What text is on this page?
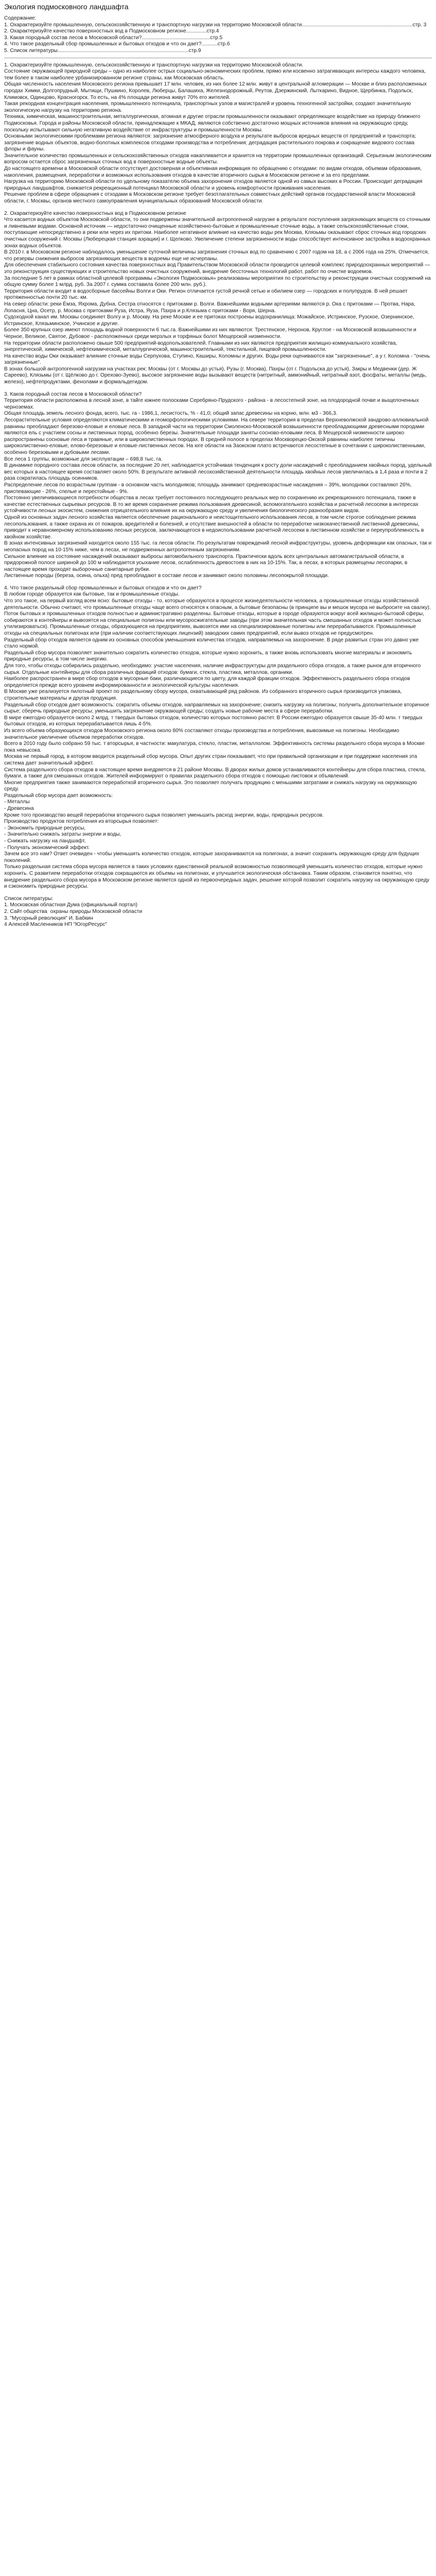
Экология подмосковного ландшафта

Содержание:

1. Охарактеризуйте промышленную, сельскохозяйственную и транспортную нагрузки на территорию Московской области............................................................................стр. 3

2. Охарактеризуйте качество поверхностных вод в Подмосковном регионе..............стр.4

3. Какая породный состав лесов в Московской области?...............................................стр.5

4. Что такое раздельный сбор промышленных и бытовых отходов и что он дает?...........стр.6

5. Список литературы..........................................................................................стр.9

1. Охарактеризуйте промышленную, сельскохозяйственную и транспортную нагрузки на территорию Московской области.

Состояние окружающей природной среды – одно из наиболее острых социально-экономических проблем, прямо или косвенно затрагивающих интересы каждого человека, тем более в таком наиболее урбанизированном регионе страны, как Московская область.

Общая численность населения Московского региона превышает 17 млн. человек, из них более 12 млн. живут в центральной агломерации — Москве и близ расположенных городах Химки, Долгопрудный, Мытищи, Пушкино, Королев, Люберцы, Балашиха, Железнодорожный, Реутов, Дзержинский, Лыткарино, Видное, Щербинка, Подольск, Климовск, Одинцово, Красногорск. То есть, на 4% площади региона живут 70% его жителей.

Такая рекордная концентрация населения, промышленного потенциала, транспортных узлов и магистралей и уровень техногенной застройки, создают значительную экологическую нагрузку на территорию региона.

Техника, химическая, машиностроительная, металлургическая, атомная и другие отрасли промышленности оказывают определяющее воздействие на природу ближнего Подмосковья. Города и районы Московской области, принадлежащие к МКАД, являются собственно достаточно мощных источников влияния на окружающую среду, поскольку испытывают сильную негативную воздействие от инфраструктуры и промышленности Москвы.

Основными экологическими проблемами региона являются: загрязнение атмосферного воздуха и результате выбросов вредных веществ от предприятий и транспорта; загрязнение водных объектов, водно-болотных комплексов отходами производства и потребления; деградация растительного покрова и сокращение видового состава флоры и фауны.

Значительное количество промышленных и сельскохозяйственных отходов накапливается и хранится на территории промышленных организаций. Серьезным экологическим вопросом остается сброс загрязненных сточных вод в поверхностные водные объекты.

До настоящего времени в Московской области отсутствует достоверная и объективная информация по обращению с отходами: по видам отходов, объемам образования, накопления, размещения, переработки и возможных использования отходов в качестве вторичного сырья в Московском регионе и за его пределами.

Нагрузка на территорию Московской области по удельному показателю объема захоронения отходов является одной из самых высоких в России. Происходит деградация природных ландшафтов, снижается рекреационный потенциал Московской области и уровень комфортности проживания населения.

Решение проблем в сфере обращения с отходами в Московском регионе требует безотлагательных совместных действий органов государственной власти Московской области, г. Москвы, органов местного самоуправления муниципальных образований Московской области.

2. Охарактеризуйте качество поверхностных вод в Подмосковном регионе

Что касается водных объектов Московской области, то они подвержены значительной антропогенной нагрузке в результате поступления загрязняющих веществ со сточными и ливневыми водами. Основной источник — недостаточно очищенные хозяйственно-бытовые и промышленные сточные воды, а также сельскохозяйственные стоки, поступающие непосредственно в реки или через их притоки. Наиболее негативное влияние на качество воды рек Москва, Клязьмы оказывают сброс сточных вод городских очистных сооружений г. Москвы (Люберецкая станция аэрации) и г. Щелково. Увеличение степени загрязненности воды способствует интенсивное застройка в водоохранных зонах водных объектов.

В 2010 г. в Московском регионе наблюдалось уменьшение суточной величины загрязнения сточных вод по сравнению с 2007 годом на 18, а с 2006 года на 25%. Отмечается, что резервы снижения выбросов загрязняющих веществ в водоемы еще не исчерпаны.

Для обеспечения стабильного состояния качества поверхностных вод Правительством Московской области проводится целевой комплекс природоохранных мероприятий — это реконструкция существующих и строительство новых очистных сооружений, внедрение бессточных технологий работ, работ по очистке водоемов.

За последние 5 лет в рамках областной целевой программы «Экология Подмосковья» реализованы мероприятия по строительству и реконструкции очистных сооружений на общую сумму более 1 млрд. руб. За 2007 г. сумма составила более 200 млн. руб.).

Территория области входит в водосборные бассейны Волги и Оки. Регион отличается густой речной сетью и обилием озер — городских и полупрудов. В ней решает протяженностью почти 20 тыс. км.

На север области: реки Ёмза, Яхрома, Дубна, Сестра относятся с притоками р. Волги. Важнейшими водными артериями являются р. Ока с притоками — Протва, Нара, Лопасня, Цна, Осетр, р. Москва с притоками Руза, Истра, Яуза, Пахра и р.Клязьма с притоками - Воря, Шерна.

Судоходной канал им. Москвы соединяет Волгу и р. Москву. На реке Москве и ее притоках построены водохранилища: Можайское, Истринское, Рузское, Озернинское, Истринское, Клязьминское, Учинское и другие.

Более 350 крупных озер имеют площадь водной поверхности 6 тыс.га. Важнейшими из них являются: Трестенское, Неронов, Круглое - на Московской возвышенности и Черное, Великое, Святое, Дубовое - расположенных среди мерзлых и торфяных болот Мещерской низменности.

На территории области расположено свыше 500 предприятий-водопользователей. Главными из них являются предприятия жилищно-коммунального хозяйства, энергетической, химической, нефтехимической, металлургической, машиностроительной, текстильной, пищевой промышленности.

На качество воды Оки оказывает влияние сточные воды Серпухова, Ступино, Каширы, Коломны и других. Воды реки оцениваются как "загрязненные", а у г. Коломна - "очень загрязненные".

В зонах большой антропогенной нагрузки на участках рек: Москвы (от г. Москвы до устья), Рузы (г. Москва), Пахры (от г. Подольска до устья), Закры и Медвенки (дер. Ж Сареево), Клязьмы (от г. Щёлково до г. Орехово-Зуево), высокое загрязнение воды вызывают веществ (нитритный, аммонийный, нитратный азот, фосфаты, металлы (медь, железо), нефтепродуктами, фенолами и формальдегидом.

3. Каков породный состав лесов в Московской области?

Территория области расположена в лесной зоне, в тайге южнее полосками Серебряно-Прудского - района - в лесостепной зоне, на плодородной почве и выщелоченных черноземах.

Общая площадь земель лесного фонда, всего, тыс. га - 1986,1, лесистость, % - 41,0; общий запас древесины на корню, млн. м3 - 366,3.

Лесорастительные условия определяются климатическими и геоморфологическими условиями. На севере территория в пределах Верхневолжской зандрово-аллювиальной равнины преобладают березово-еловые и еловые леса. В западной части на территории Смоленско-Московской возвышенности преобладающими древесными породами являются ель с участием сосны и лиственных пород, особенно березы. Значительные площади заняты сосново-еловыми леса. В Мещерской низменности широко распространены сосновые леса и травяные, или в широколиственных породах. В средней полосе в пределах Москворецко-Окской равнины наиболее типичны широколиственно-еловые, елово-березовые и еловые-лиственных лесов. На юге области на Заокском плато встречаются лесостепные в сочетании с широколиственными, особенно березовыми и дубовыми лесами.

Все леса 1 группы, возможные для эксплуатации – 698,8 тыс. га.

В динамике породного состава лесов области, за последние 20 лет, наблюдается устойчивая тенденция к росту доли насаждений с преобладанием хвойных пород, удельный вес которых в настоящее время составляет около 50%. В результате активной лесохозяйственной деятельности площадь хвойных лесов увеличилась в 1,4 раза и почти в 2 раза сократилась площадь осинников.

Распределение лесов по возрастным группам - в основном часть молодняков; площадь занимают средневозрастные насаждения – 39%, молодняки составляют 26%, приспевающие - 26%, спелые и перестойные - 9%.

Постоянно увеличивающиеся потребности общества в лесах требует постоянного последующего реальных мер по сохранению их рекреационного потенциала, также в качестве естественных сырьевых ресурсов. В то же время сохранение режима пользования древесиной, вспомогательного хозяйства и расчетной лесосеки в интересах устойчивости лесных экосистем, снижения отрицательного влияния их на окружающую среду и увеличения биологического разнообразия видов.

Одной из основных задач лесного хозяйства является обеспечение рационального и неистощительного использования лесов, в том числе строгое соблюдение режима лесопользования, а также охрана их от пожаров, вредителей и болезней, и отсутствие внешностей в области по переработке низкокачественной лиственной древесины, приводит к неравномерному использованию лесных ресурсов, заключающегося в недоиспользовании расчетной лесосеки в лиственном хозяйстве и переупроблемность в хвойном хозяйстве.

В зонах интенсивных загрязнений находится около 155 тыс. га лесов области. По результатам повреждений лесной инфраструктуры, уровень деформации как опасных, так и неопасных пород на 10-15% ниже, чем в лесах, не подверженных антропогенным загрязнениям.

Сильное влияние на состояние насаждений оказывают выбросы автомобильного транспорта. Практически вдоль всех центральных автомагистральной области, в придорожной полосе шириной до 100 м наблюдается усыхание лесов, ослабленность древостоев в них на 10-15%. Так, в лесах, в которых размещены лесопарки, в настоящее время проходят выборочные санитарные рубки.

Лиственные породы (береза, осина, ольха) пред преобладают в составе лесов и занимают около половины лесопокрытой площади.

4. Что такое раздельный сбор промышленных и бытовых отходов и что он дает?

В любом городе образуется как бытовые, так и промышленные отходы.

Что это такое, на первый взгляд всем ясно: бытовые отходы - то, которые образуются в процессе жизнедеятельности человека, а промышленные отходы хозяйственной деятельности. Обычно считают, что промышленные отходы чаще всего относятся к опасным, а бытовые безопасны (в принципе вы и мешок мусора не выбросите на свалку). Поток бытовых и промышленных отходов полностью и административно разделены. Бытовые отходы, которые в городе образуются вокруг всей жилищно-бытовой сферы, собираются в контейнеры и вывозятся на специальные полигоны или мусоросжигательные заводы (при этом значительная часть смешанных отходов и может полностью утилизироваться). Промышленные отходы, образующиеся на предприятиях, вывозятся ими на специализированные полигоны или перерабатываются. Промышленные отходы на специальных полигонах или (при наличии соответствующих лицензий) заводских самих предприятий, если вывоз отходов не предусмотрен.

Раздельный сбор отходов является одним из основных способов уменьшения количества отходов, направляемых на захоронение. В ряде развитых стран это давно уже стало нормой.

Раздельный сбор мусора позволяет значительно сократить количество отходов, которые нужно хоронить, а также вновь использовать многие материалы и экономить природные ресурсы, в том числе энергию.

Для того, чтобы отходы собирались раздельно, необходимо: участие населения, наличие инфраструктуры для раздельного сбора отходов, а также рынок для вторичного сырья. Отдельные контейнеры для сбора различных фракций отходов: бумаги, стекла, пластика, металлов, органики.

Наиболее распространен в мире сбор отходов в мусорные баки, различающиеся по цвету, для каждой фракции отходов. Эффективность раздельного сбора отходов определяется прежде всего уровнем информированности и экологической культуры населения.

В Москве уже реализуется пилотный проект по раздельному сбору мусора, охватывающий ряд районов. Из собранного вторичного сырья производится упаковка, строительные материалы и другая продукция.

Раздельный сбор отходов дает возможность: сократить объемы отходов, направляемых на захоронение; снизить нагрузку на полигоны; получить дополнительное вторичное сырье; сберечь природные ресурсы; уменьшить загрязнение окружающей среды; создать новые рабочие места в сфере переработки.

В мире ежегодно образуется около 2 млрд. т твердых бытовых отходов, количество которых постоянно растет. В России ежегодно образуется свыше 35-40 млн. т твердых бытовых отходов, из которых перерабатывается лишь 4-5%.

Из всего объема образующихся отходов Московского региона около 80% составляют отходы производства и потребления, вывозимые на полигоны. Необходимо значительное увеличение объемов переработки отходов.

Всего в 2010 году было собрано 59 тыс. т вторсырья, в частности: макулатура, стекло, пластик, металлолом. Эффективность системы раздельного сбора мусора в Москве пока невысока.

Москва не первый город, в котором вводится раздельный сбор мусора. Опыт других стран показывает, что при правильной организации и при поддержке населения эта система дает значительный эффект.

Система раздельного сбора отходов в настоящее время внедряется в 21 районе Москвы. В дворах жилых домов устанавливаются контейнеры для сбора пластика, стекла, бумаги, а также для смешанных отходов. Жителей информируют о правилах раздельного сбора отходов с помощью листовок и объявлений.

Многие предприятия также занимаются переработкой вторичного сырья. Это позволяет получать продукцию с меньшими затратами и снижать нагрузку на окружающую среду.

Раздельный сбор мусора дает возможность:

- Металлы

- Древесина

Кроме того производство вещей переработки вторичного сырья позволяет уменьшить расход энергии, воды, природных ресурсов.

Производство продуктов потребления из вторсырья позволяет:

- Экономить природные ресурсы,

- Значительно снижать затраты энергии и воды,

- Снижать нагрузку на ландшафт,

- Получать экономический эффект.

Зачем все это нам? Ответ очевиден - чтобы уменьшить количество отходов, которые захораниваются на полигонах, а значит сохранить окружающую среду для будущих поколений.

Только раздельная система сбора мусора является в таких условиях единственной реальной возможностью позволяющей уменьшить количество отходов, которые нужно хоронить. С развитием переработки отходов сокращаются их объемы на полигонах, и улучшается экологическая обстановка. Таким образом, становится понятно, что внедрение раздельного сбора мусора в Московском регионе является одной из первоочередных задач, решение которой позволит сократить нагрузку на окружающую среду и сэкономить природные ресурсы.

Список литературы:

1. Московская областная Дума (официальный портал)

2. Сайт общества  охраны природы Московской области

3. "Мусорный революция" И. Бабкин

4 Алексей Масленников НП "ЮгорРесурс"
